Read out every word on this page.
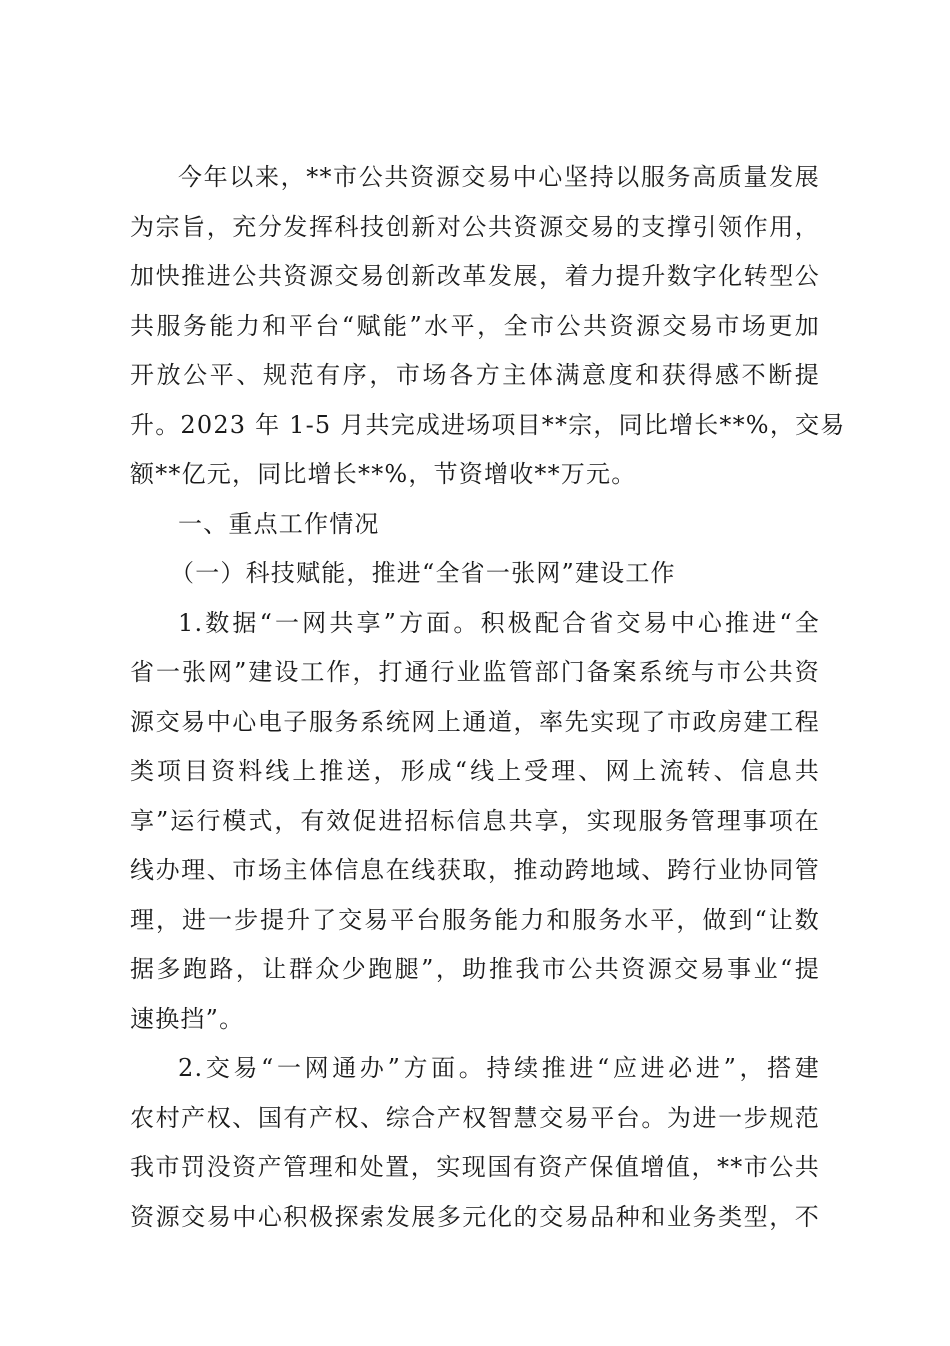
今年以来，**市公共资源交易中心坚持以服务高质量发展
为宗旨，充分发挥科技创新对公共资源交易的支撑引领作用，
加快推进公共资源交易创新改革发展，着力提升数字化转型公
共服务能力和平台“赋能”水平，全市公共资源交易市场更加
开放公平、规范有序，市场各方主体满意度和获得感不断提
升。2023 年 1-5 月共完成进场项目**宗，同比增长**%，交易
额**亿元，同比增长**%，节资增收**万元。
一、重点工作情况
（一）科技赋能，推进“全省一张网”建设工作
1.数据“一网共享”方面。积极配合省交易中心推进“全
省一张网”建设工作，打通行业监管部门备案系统与市公共资
源交易中心电子服务系统网上通道，率先实现了市政房建工程
类项目资料线上推送，形成“线上受理、网上流转、信息共
享”运行模式，有效促进招标信息共享，实现服务管理事项在
线办理、市场主体信息在线获取，推动跨地域、跨行业协同管
理，进一步提升了交易平台服务能力和服务水平，做到“让数
据多跑路，让群众少跑腿”，助推我市公共资源交易事业“提
速换挡”。
2.交易“一网通办”方面。持续推进“应进必进”，搭建
农村产权、国有产权、综合产权智慧交易平台。为进一步规范
我市罚没资产管理和处置，实现国有资产保值增值，**市公共
资源交易中心积极探索发展多元化的交易品种和业务类型，不
